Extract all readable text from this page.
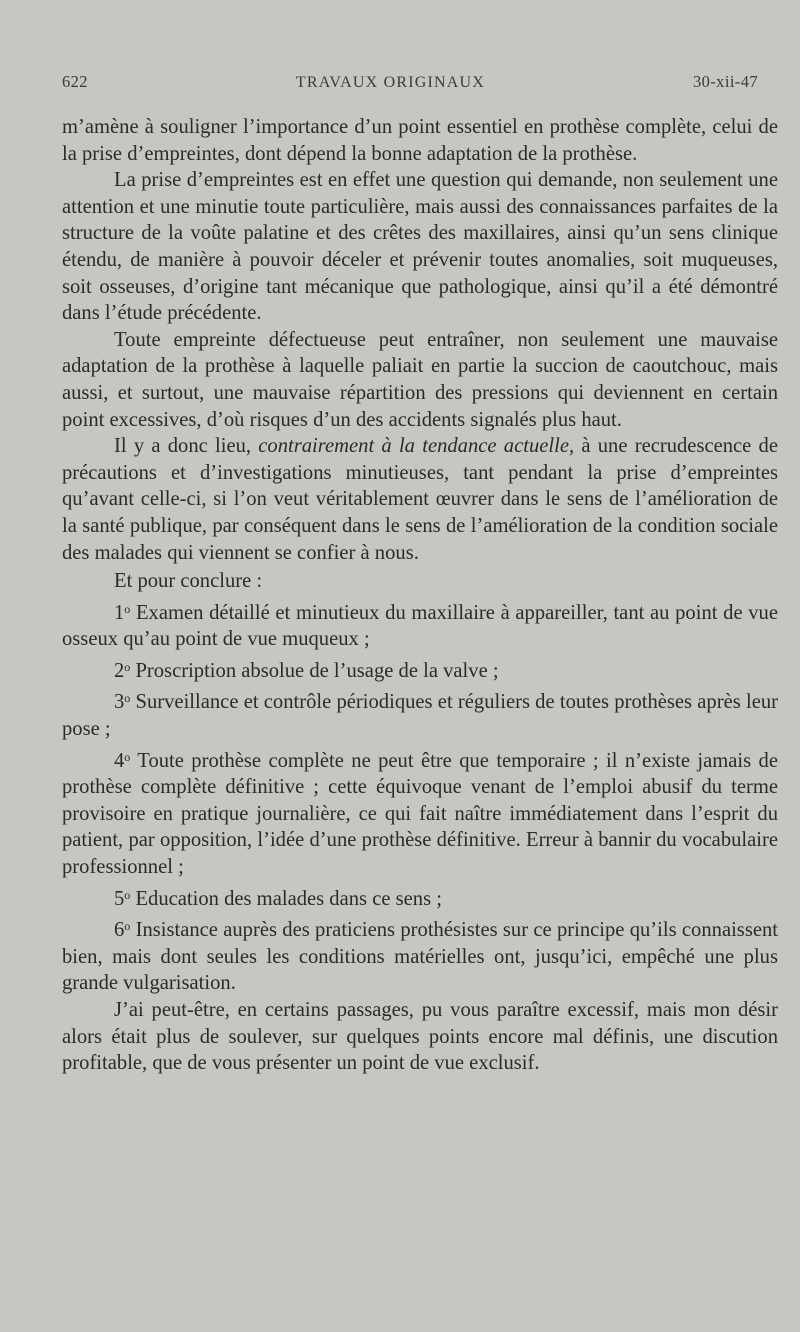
622	TRAVAUX ORIGINAUX	30-xii-47

m’amène à souligner l’importance d’un point essentiel en prothèse complète, celui de la prise d’empreintes, dont dépend la bonne adaptation de la prothèse.

La prise d’empreintes est en effet une question qui demande, non seulement une attention et une minutie toute particulière, mais aussi des connaissances parfaites de la structure de la voûte palatine et des crêtes des maxillaires, ainsi qu’un sens clinique étendu, de manière à pouvoir déceler et prévenir toutes anomalies, soit muqueuses, soit osseuses, d’origine tant mécanique que pathologique, ainsi qu’il a été démontré dans l’étude précédente.

Toute empreinte défectueuse peut entraîner, non seulement une mauvaise adaptation de la prothèse à laquelle paliait en partie la succion de caoutchouc, mais aussi, et surtout, une mauvaise répartition des pressions qui deviennent en certain point excessives, d’où risques d’un des accidents signalés plus haut.

Il y a donc lieu, contrairement à la tendance actuelle, à une recrudescence de précautions et d’investigations minutieuses, tant pendant la prise d’empreintes qu’avant celle-ci, si l’on veut véritablement œuvrer dans le sens de l’amélioration de la santé publique, par conséquent dans le sens de l’amélioration de la condition sociale des malades qui viennent se confier à nous.

Et pour conclure :

1$^o$ Examen détaillé et minutieux du maxillaire à appareiller, tant au point de vue osseux qu’au point de vue muqueux ;

2$^o$ Proscription absolue de l’usage de la valve ;

3$^o$ Surveillance et contrôle périodiques et réguliers de toutes prothèses après leur pose ;

4$^o$ Toute prothèse complète ne peut être que temporaire ; il n’existe jamais de prothèse complète définitive ; cette équivoque venant de l’emploi abusif du terme provisoire en pratique journalière, ce qui fait naître immédiatement dans l’esprit du patient, par opposition, l’idée d’une prothèse définitive. Erreur à bannir du vocabulaire professionnel ;

5$^o$ Education des malades dans ce sens ;

6$^o$ Insistance auprès des praticiens prothésistes sur ce principe qu’ils connaissent bien, mais dont seules les conditions matérielles ont, jusqu’ici, empêché une plus grande vulgarisation.

J’ai peut-être, en certains passages, pu vous paraître excessif, mais mon désir alors était plus de soulever, sur quelques points encore mal définis, une discution profitable, que de vous présenter un point de vue exclusif.
